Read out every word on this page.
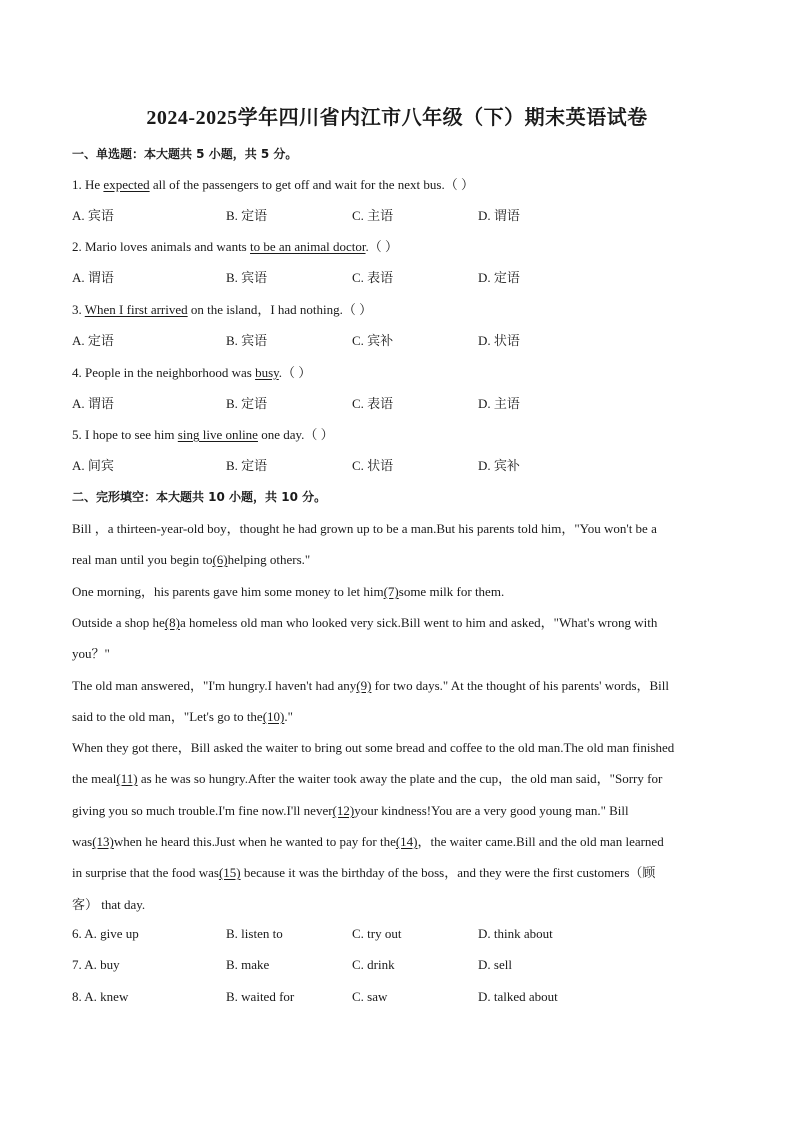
2024-2025学年四川省内江市八年级（下）期末英语试卷
一、单选题：本大题共 5 小题，共 5 分。
1. He expected all of the passengers to get off and wait for the next bus.（ ）
A. 宾语	B. 定语	C. 主语	D. 谓语
2. Mario loves animals and wants to be an animal doctor.（ ）
A. 谓语	B. 宾语	C. 表语	D. 定语
3. When I first arrived on the island，I had nothing.（ ）
A. 定语	B. 宾语	C. 宾补	D. 状语
4. People in the neighborhood was busy.（ ）
A. 谓语	B. 定语	C. 表语	D. 主语
5. I hope to see him sing live online one day.（ ）
A. 间宾	B. 定语	C. 状语	D. 宾补
二、完形填空：本大题共 10 小题，共 10 分。
Bill ，a thirteen-year-old boy，thought he had grown up to be a man.But his parents told him，"You won't be a
real man until you begin to(6)helping others."
One morning，his parents gave him some money to let him(7)some milk for them.
Outside a shop he(8)a homeless old man who looked very sick.Bill went to him and asked，"What's wrong with
you？"
The old man answered，"I'm hungry.I haven't had any(9) for two days." At the thought of his parents' words，Bill
said to the old man，"Let's go to the(10)."
When they got there，Bill asked the waiter to bring out some bread and coffee to the old man.The old man finished
the meal(11) as he was so hungry.After the waiter took away the plate and the cup，the old man said，"Sorry for
giving you so much trouble.I'm fine now.I'll never(12)your kindness!You are a very good young man." Bill
was(13)when he heard this.Just when he wanted to pay for the(14)，the waiter came.Bill and the old man learned
in surprise that the food was(15) because it was the birthday of the boss，and they were the first customers（顾
客） that day.
6. A. give up	B. listen to	C. try out	D. think about
7. A. buy	B. make	C. drink	D. sell
8. A. knew	B. waited for	C. saw	D. talked about
